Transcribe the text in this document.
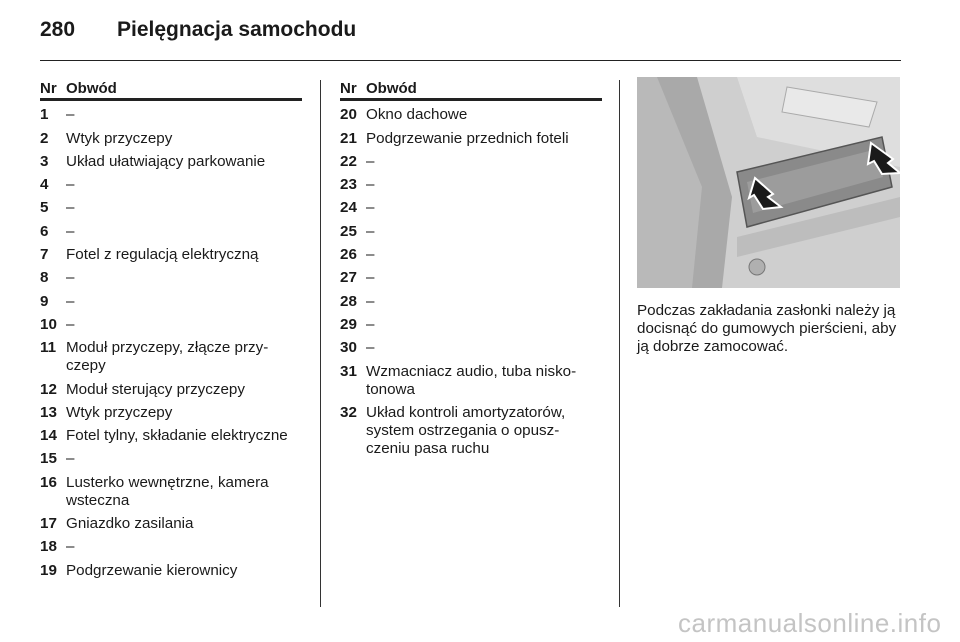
280 Pielęgnacja samochodu
Nr Obwód
1	–
2	Wtyk przyczepy
3	Układ ułatwiający parkowanie
4	–
5	–
6	–
7	Fotel z regulacją elektryczną
8	–
9	–
10 –
11 Moduł przyczepy, złącze przy-czepy
12 Moduł sterujący przyczepy
13 Wtyk przyczepy
14 Fotel tylny, składanie elektryczne
15 –
16 Lusterko wewnętrzne, kamera wsteczna
17 Gniazdko zasilania
18 –
19 Podgrzewanie kierownicy
Nr Obwód
20 Okno dachowe
21 Podgrzewanie przednich foteli
22 –
23 –
24 –
25 –
26 –
27 –
28 –
29 –
30 –
31 Wzmacniacz audio, tuba nisko-tonowa
32 Układ kontroli amortyzatorów, system ostrzegania o opusz-czeniu pasa ruchu
Podczas zakładania zasłonki należy ją docisnąć do gumowych pierścieni, aby ją dobrze zamocować.
carmanualsonline.info
